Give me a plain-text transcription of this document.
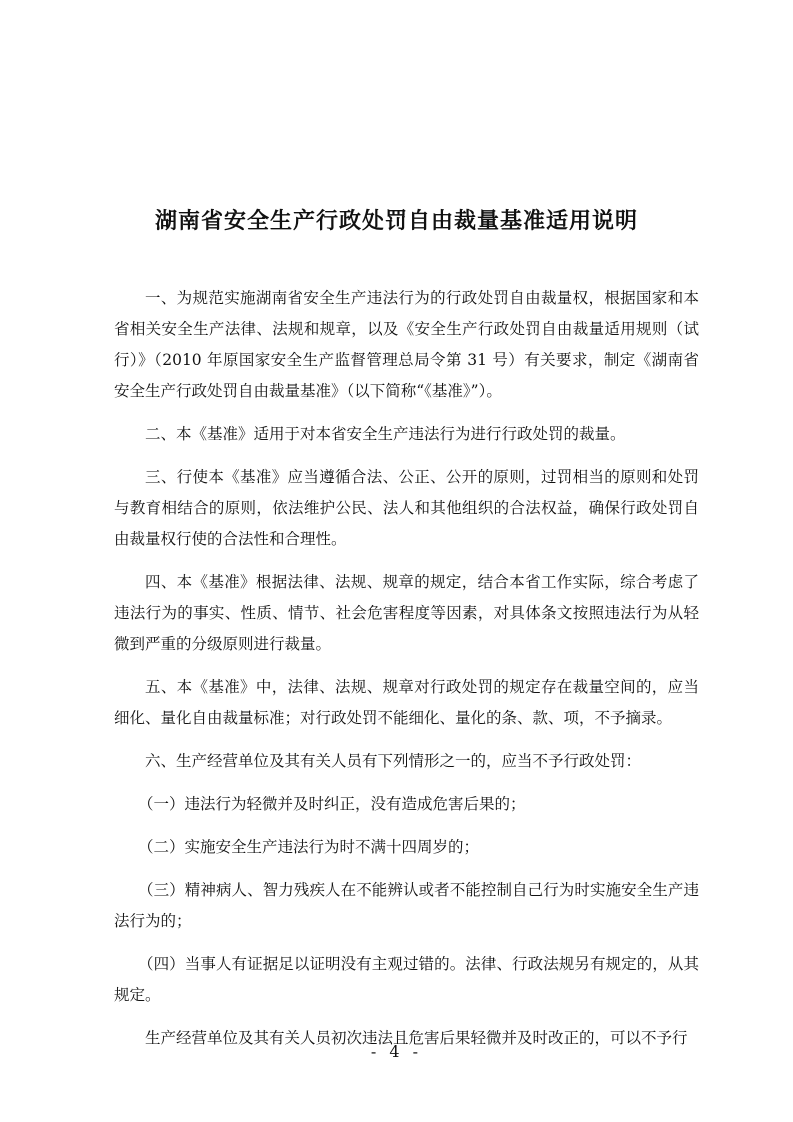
湖南省安全生产行政处罚自由裁量基准适用说明

一、为规范实施湖南省安全生产违法行为的行政处罚自由裁量权，根据国家和本省相关安全生产法律、法规和规章，以及《安全生产行政处罚自由裁量适用规则（试行）》（2010 年原国家安全生产监督管理总局令第 31 号）有关要求，制定《湖南省安全生产行政处罚自由裁量基准》（以下简称“《基准》”）。

二、本《基准》适用于对本省安全生产违法行为进行行政处罚的裁量。

三、行使本《基准》应当遵循合法、公正、公开的原则，过罚相当的原则和处罚与教育相结合的原则，依法维护公民、法人和其他组织的合法权益，确保行政处罚自由裁量权行使的合法性和合理性。

四、本《基准》根据法律、法规、规章的规定，结合本省工作实际，综合考虑了违法行为的事实、性质、情节、社会危害程度等因素，对具体条文按照违法行为从轻微到严重的分级原则进行裁量。

五、本《基准》中，法律、法规、规章对行政处罚的规定存在裁量空间的，应当细化、量化自由裁量标准；对行政处罚不能细化、量化的条、款、项，不予摘录。

六、生产经营单位及其有关人员有下列情形之一的，应当不予行政处罚：

（一）违法行为轻微并及时纠正，没有造成危害后果的；

（二）实施安全生产违法行为时不满十四周岁的；

（三）精神病人、智力残疾人在不能辨认或者不能控制自己行为时实施安全生产违法行为的；

（四）当事人有证据足以证明没有主观过错的。法律、行政法规另有规定的，从其规定。

生产经营单位及其有关人员初次违法且危害后果轻微并及时改正的，可以不予行

- 4 -
